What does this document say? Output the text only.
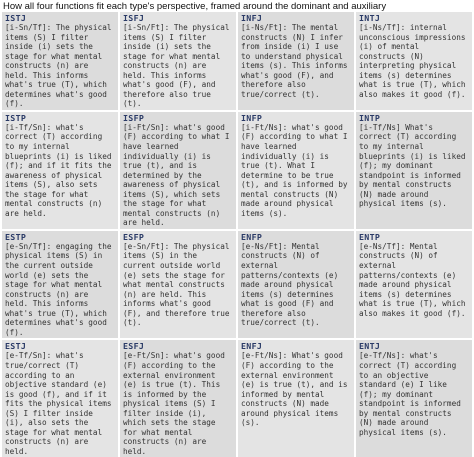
How all four functions fit each type's perspective, framed around the dominant and auxiliary
ISTJ
[i-Sn/Tf]: The physical items (S) I filter inside (i) sets the stage for what mental constructs (n) are held. This informs what's true (T), which determines what's good (f).
ISFJ
[i-Sn/Ft]: The physical items (S) I filter inside (i) sets the stage for what mental constructs (n) are held. This informs what's good (F), and therefore also true (t).
INFJ
[i-Ns/Ft]: The mental constructs (N) I infer from inside (i) I use to understand physical items (s). This informs what's good (F), and therefore also true/correct (t).
INTJ
[i-Ns/Tf]: internal unconscious impressions (i) of mental constructs (N) interpreting physical items (s) determines what is true (T), which also makes it good (f).
ISTP
[i-Tf/Sn]: what's correct (T) according to my internal blueprints (i) is liked (f); and if it fits the awareness of physical items (S), also sets the stage for what mental constructs (n) are held.
ISFP
[i-Ft/Sn]: what's good (F) according to what I have learned individually (i) is true (t), and is determined by the awareness of physical items (S), which sets the stage for what mental constructs (n) are held.
INFP
[i-Ft/Ns]: what's good (F) according to what I have learned individually (i) is true (t). What I determine to be true (t), and is informed by mental constructs (N) made around physical items (s).
INTP
[i-Tf/Ns] What's correct (T) according to my internal blueprints (i) is liked (f); my dominant standpoint is informed by mental constructs (N) made around physical items (s).
ESTP
[e-Sn/Tf]: engaging the physical items (S) in the current outside world (e) sets the stage for what mental constructs (n) are held. This informs what's true (T), which determines what's good (f).
ESFP
[e-Sn/Ft]: The physical items (S) in the current outside world (e) sets the stage for what mental constructs (n) are held. This informs what's good (F), and therefore true (t).
ENFP
[e-Ns/Ft]: Mental constructs (N) of external patterns/contexts (e) made around physical items (s) determines what is good (F) and therefore also true/correct (t).
ENTP
[e-Ns/Tf]: Mental constructs (N) of external patterns/contexts (e) made around physical items (s) determines what is true (T), which also makes it good (f).
ESTJ
[e-Tf/Sn]: what's true/correct (T) according to an objective standard (e) is good (f), and if it fits the physical items (S) I filter inside (i), also sets the stage for what mental constructs (n) are held.
ESFJ
[e-Ft/Sn]: what's good (F) according to the external environment (e) is true (t). This is informed by the physical items (S) I filter inside (i), which sets the stage for what mental constructs (n) are held.
ENFJ
[e-Ft/Ns]: What's good (F) according to the external environment (e) is true (t), and is informed by mental constructs (N) made around physical items (s).
ENTJ
[e-Tf/Ns]: what's correct (T) according to an objective standard (e) I like (f); my dominant standpoint is informed by mental constructs (N) made around physical items (s).
